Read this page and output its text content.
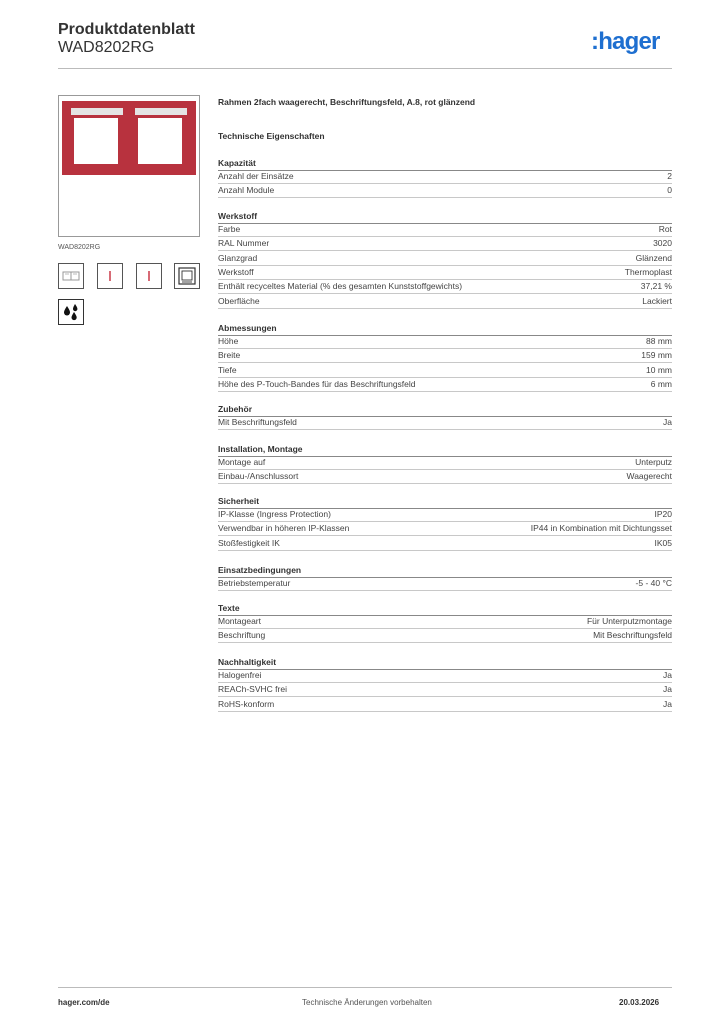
Produktdatenblatt
WAD8202RG	:hager
WAD8202RG
Rahmen 2fach waagerecht, Beschriftungsfeld, A.8, rot glänzend
Technische Eigenschaften
Kapazität
Anzahl der Einsätze	2
Anzahl Module	0
Werkstoff
Farbe	Rot
RAL Nummer	3020
Glanzgrad	Glänzend
Werkstoff	Thermoplast
Enthält recyceltes Material (% des gesamten Kunststoffgewichts)	37,21 %
Oberfläche	Lackiert
Abmessungen
Höhe	88 mm
Breite	159 mm
Tiefe	10 mm
Höhe des P-Touch-Bandes für das Beschriftungsfeld	6 mm
Zubehör
Mit Beschriftungsfeld	Ja
Installation, Montage
Montage auf	Unterputz
Einbau-/Anschlussort	Waagerecht
Sicherheit
IP-Klasse (Ingress Protection)	IP20
Verwendbar in höheren IP-Klassen	IP44 in Kombination mit Dichtungsset
Stoßfestigkeit IK	IK05
Einsatzbedingungen
Betriebstemperatur	-5 - 40 °C
Texte
Montageart	Für Unterputzmontage
Beschriftung	Mit Beschriftungsfeld
Nachhaltigkeit
Halogenfrei	Ja
REACh-SVHC frei	Ja
RoHS-konform	Ja
hager.com/de	Technische Änderungen vorbehalten	20.03.2026
